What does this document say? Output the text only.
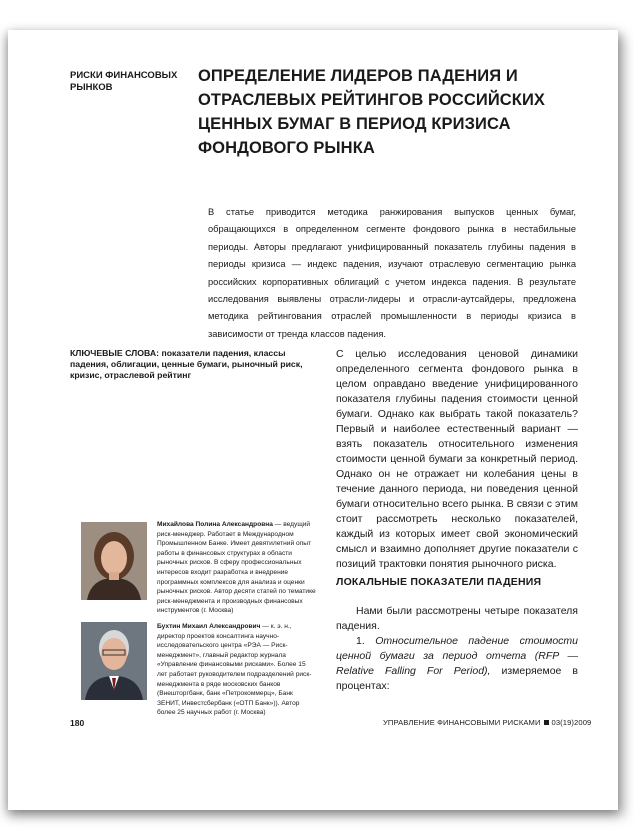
РИСКИ ФИНАНСОВЫХ РЫНКОВ
ОПРЕДЕЛЕНИЕ ЛИДЕРОВ ПАДЕНИЯ И ОТРАСЛЕВЫХ РЕЙТИНГОВ РОССИЙСКИХ ЦЕННЫХ БУМАГ В ПЕРИОД КРИЗИСА ФОНДОВОГО РЫНКА
В статье приводится методика ранжирования выпусков ценных бумаг, обращающихся в определенном сегменте фондового рынка в нестабильные периоды. Авторы предлагают унифицированный показатель глубины падения в периоды кризиса — индекс падения, изучают отраслевую сегментацию рынка российских корпоративных облигаций с учетом индекса падения. В результате исследования выявлены отрасли-лидеры и отрасли-аутсайдеры, предложена методика рейтингования отраслей промышленности в периоды кризиса в зависимости от тренда классов падения.
КЛЮЧЕВЫЕ СЛОВА: показатели падения, классы падения, облигации, ценные бумаги, рыночный риск, кризис, отраслевой рейтинг
С целью исследования ценовой динамики определенного сегмента фондового рынка в целом оправдано введение унифицированного показателя глубины падения стоимости ценной бумаги. Однако как выбрать такой показатель? Первый и наиболее естественный вариант — взять показатель относительного изменения стоимости ценной бумаги за конкретный период. Однако он не отражает ни колебания цены в течение данного периода, ни поведения ценной бумаги относительно всего рынка. В связи с этим стоит рассмотреть несколько показателей, каждый из которых имеет свой экономический смысл и взаимно дополняет другие показатели с позиций трактовки понятия рыночного риска.
ЛОКАЛЬНЫЕ ПОКАЗАТЕЛИ ПАДЕНИЯ
Нами были рассмотрены четыре показателя падения.
1. Относительное падение стоимости ценной бумаги за период отчета (RFP — Relative Falling For Period), измеряемое в процентах:
Михайлова Полина Александровна — ведущий риск-менеджер. Работает в Международном Промышленном Банке. Имеет девятилетний опыт работы в финансовых структурах в области рыночных рисков. В сферу профессиональных интересов входит разработка и внедрение программных комплексов для анализа и оценки рыночных рисков. Автор десяти статей по тематике риск-менеджмента и производных финансовых инструментов (г. Москва)
Бухтин Михаил Александрович — к. э. н., директор проектов консалтинга научно-исследовательского центра «РЭА — Риск-менеджмент», главный редактор журнала «Управление финансовыми рисками». Более 15 лет работает руководителем подразделений риск-менеджмента в ряде московских банков (Внешторгбанк, банк «Петрокоммерц», Банк ЗЕНИТ, Инвестсбербанк («ОТП Банк»)). Автор более 25 научных работ (г. Москва)
180	УПРАВЛЕНИЕ ФИНАНСОВЫМИ РИСКАМИ 03(19)2009
